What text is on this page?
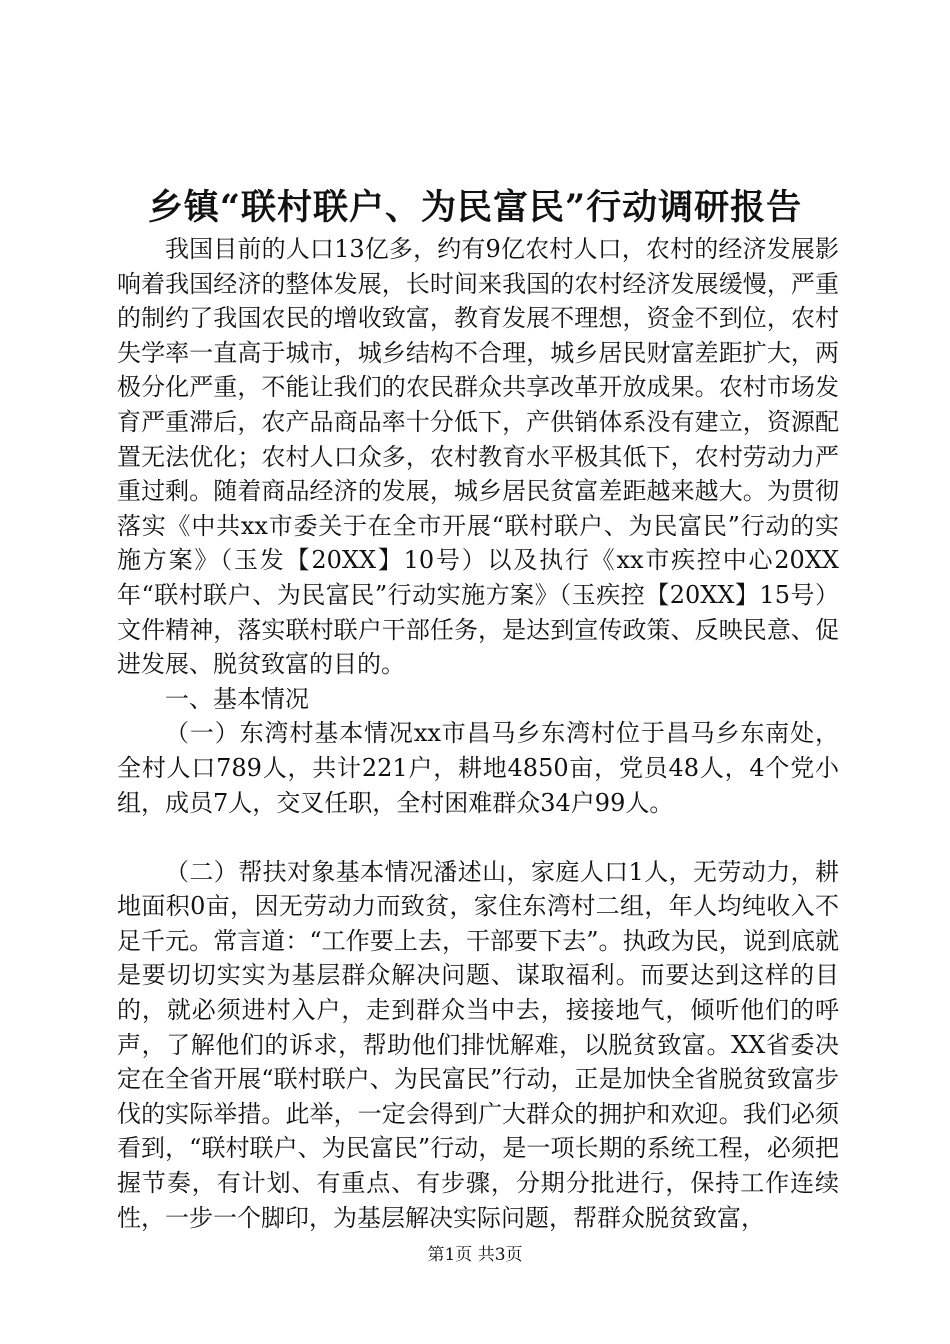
乡镇“联村联户、为民富民”行动调研报告

我国目前的人口13亿多，约有9亿农村人口，农村的经济发展影响着我国经济的整体发展，长时间来我国的农村经济发展缓慢，严重的制约了我国农民的增收致富，教育发展不理想，资金不到位，农村失学率一直高于城市，城乡结构不合理，城乡居民财富差距扩大，两极分化严重，不能让我们的农民群众共享改革开放成果。农村市场发育严重滞后，农产品商品率十分低下，产供销体系没有建立，资源配置无法优化；农村人口众多，农村教育水平极其低下，农村劳动力严重过剩。随着商品经济的发展，城乡居民贫富差距越来越大。为贯彻落实《中共xx市委关于在全市开展“联村联户、为民富民”行动的实施方案》（玉发【20XX】10号）以及执行《xx市疾控中心20XX年“联村联户、为民富民”行动实施方案》（玉疾控【20XX】15号）文件精神，落实联村联户干部任务，是达到宣传政策、反映民意、促进发展、脱贫致富的目的。

一、基本情况

（一）东湾村基本情况xx市昌马乡东湾村位于昌马乡东南处，全村人口789人，共计221户，耕地4850亩，党员48人，4个党小组，成员7人，交叉任职，全村困难群众34户99人。

（二）帮扶对象基本情况潘述山，家庭人口1人，无劳动力，耕地面积0亩，因无劳动力而致贫，家住东湾村二组，年人均纯收入不足千元。常言道：“工作要上去，干部要下去”。执政为民，说到底就是要切切实实为基层群众解决问题、谋取福利。而要达到这样的目的，就必须进村入户，走到群众当中去，接接地气，倾听他们的呼声，了解他们的诉求，帮助他们排忧解难，以脱贫致富。XX省委决定在全省开展“联村联户、为民富民”行动，正是加快全省脱贫致富步伐的实际举措。此举，一定会得到广大群众的拥护和欢迎。我们必须看到，“联村联户、为民富民”行动，是一项长期的系统工程，必须把握节奏，有计划、有重点、有步骤，分期分批进行，保持工作连续性，一步一个脚印，为基层解决实际问题，帮群众脱贫致富，

第1页 共3页
